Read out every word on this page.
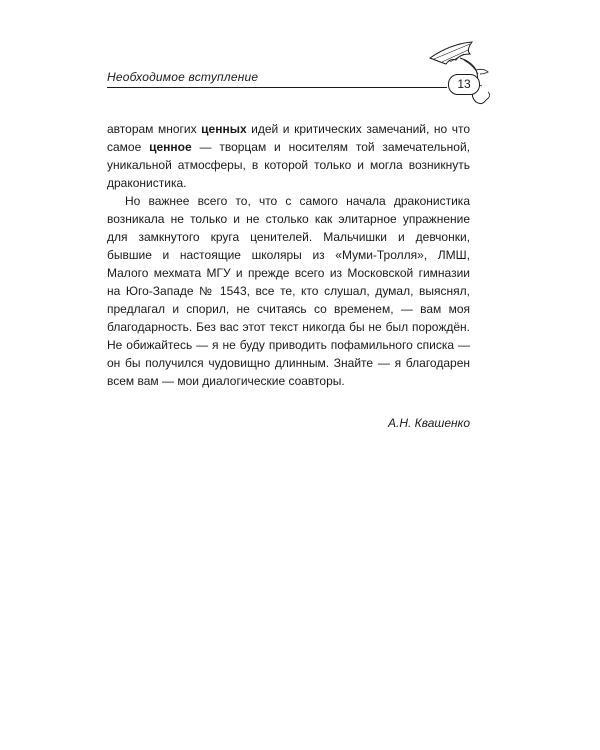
Необходимое вступление	13

авторам многих ценных идей и критических замечаний, но что самое ценное — творцам и носителям той замечательной, уникальной атмосферы, в которой только и могла возникнуть драконистика.

Но важнее всего то, что с самого начала драконистика возникала не только и не столько как элитарное упражнение для замкнутого круга ценителей. Мальчишки и девчонки, бывшие и настоящие школяры из «Муми-Тролля», ЛМШ, Малого мехмата МГУ и прежде всего из Московской гимназии на Юго-Западе № 1543, все те, кто слушал, думал, выяснял, предлагал и спорил, не считаясь со временем, — вам моя благодарность. Без вас этот текст никогда бы не был порождён. Не обижайтесь — я не буду приводить пофамильного списка — он бы получился чудовищно длинным. Знайте — я благодарен всем вам — мои диалогические соавторы.

А.Н. Квашенко
